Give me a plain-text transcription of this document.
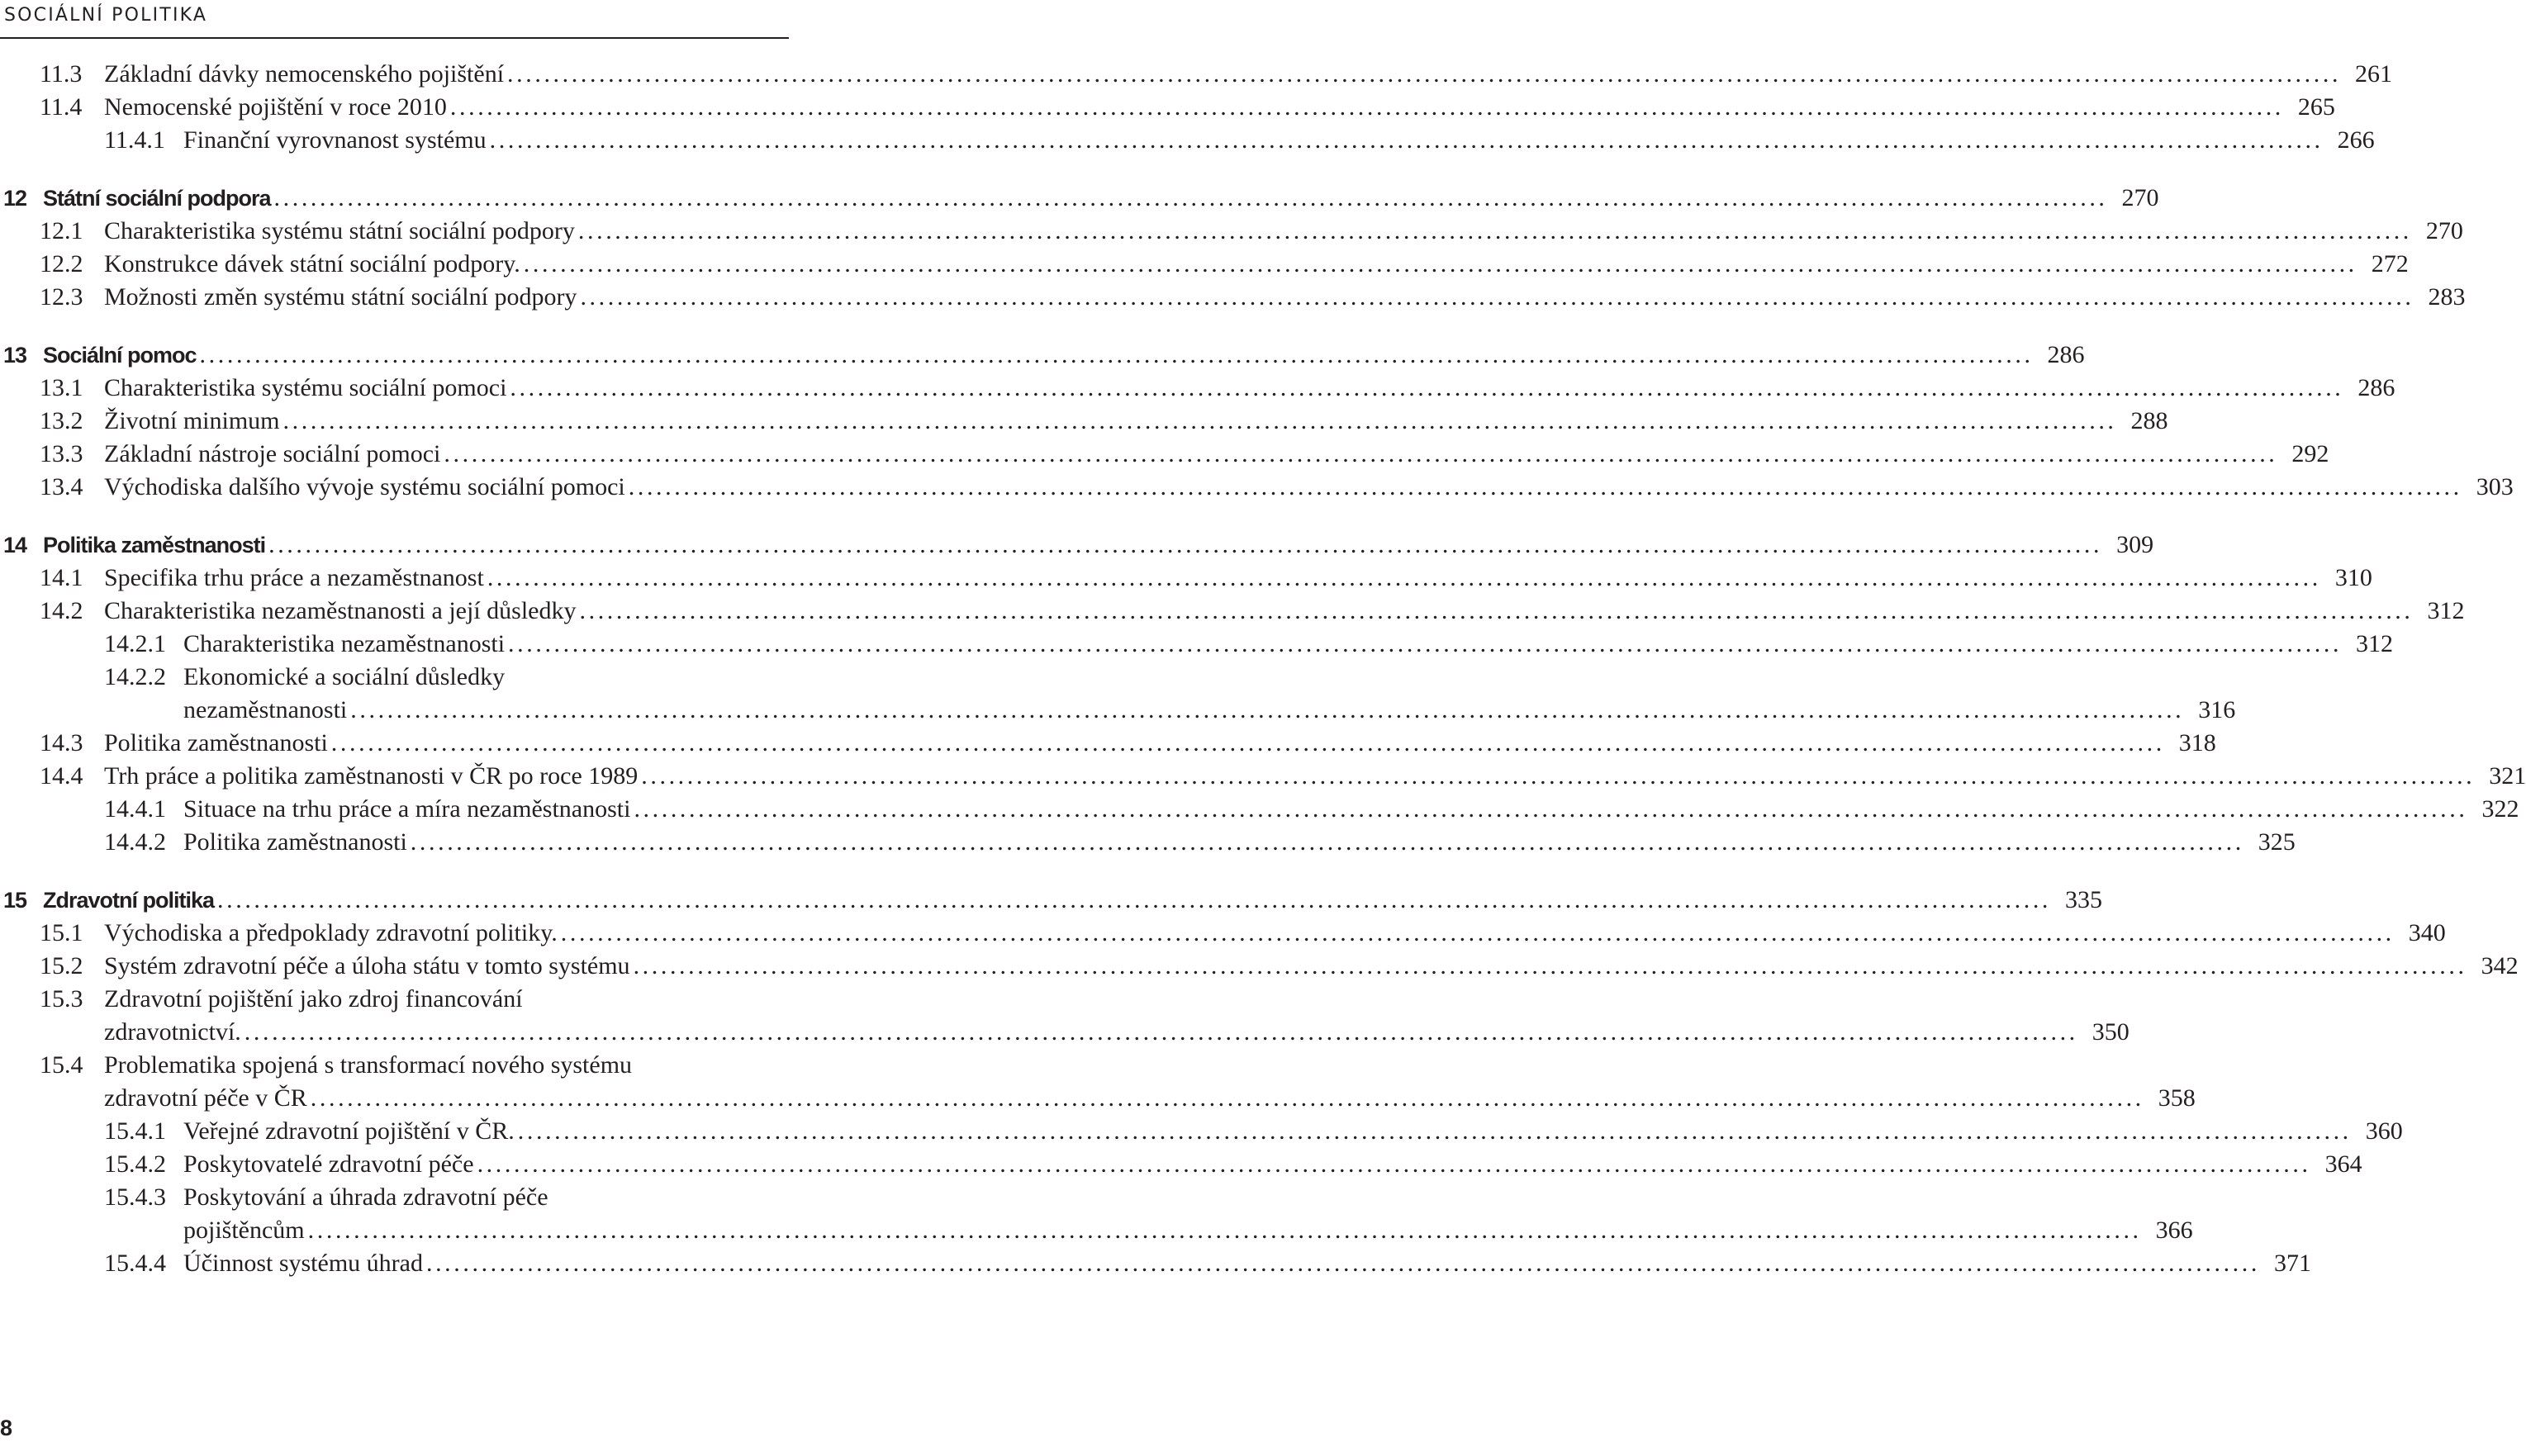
SOCIÁLNÍ POLITIKA
11.3 Základní dávky nemocenského pojištění ........................................................................................................................................................................................................ 261
11.4 Nemocenské pojištění v roce 2010 ........................................................................................................................................................................................................ 265
11.4.1 Finanční vyrovnanost systému ........................................................................................................................................................................................................ 266
12 Státní sociální podpora ........................................................................................................................................................................................................ 270
12.1 Charakteristika systému státní sociální podpory ........................................................................................................................................................................................................ 270
12.2 Konstrukce dávek státní sociální podpory. ........................................................................................................................................................................................................ 272
12.3 Možnosti změn systému státní sociální podpory ........................................................................................................................................................................................................ 283
13 Sociální pomoc ........................................................................................................................................................................................................ 286
13.1 Charakteristika systému sociální pomoci ........................................................................................................................................................................................................ 286
13.2 Životní minimum ........................................................................................................................................................................................................ 288
13.3 Základní nástroje sociální pomoci ........................................................................................................................................................................................................ 292
13.4 Východiska dalšího vývoje systému sociální pomoci ........................................................................................................................................................................................................ 303
14 Politika zaměstnanosti ........................................................................................................................................................................................................ 309
14.1 Specifika trhu práce a nezaměstnanost ........................................................................................................................................................................................................ 310
14.2 Charakteristika nezaměstnanosti a její důsledky ........................................................................................................................................................................................................ 312
14.2.1 Charakteristika nezaměstnanosti ........................................................................................................................................................................................................ 312
14.2.2 Ekonomické a sociální důsledky
nezaměstnanosti ........................................................................................................................................................................................................ 316
14.3 Politika zaměstnanosti ........................................................................................................................................................................................................ 318
14.4 Trh práce a politika zaměstnanosti v ČR po roce 1989 ........................................................................................................................................................................................................ 321
14.4.1 Situace na trhu práce a míra nezaměstnanosti ........................................................................................................................................................................................................ 322
14.4.2 Politika zaměstnanosti ........................................................................................................................................................................................................ 325
15 Zdravotní politika ........................................................................................................................................................................................................ 335
15.1 Východiska a předpoklady zdravotní politiky. ........................................................................................................................................................................................................ 340
15.2 Systém zdravotní péče a úloha státu v tomto systému ........................................................................................................................................................................................................ 342
15.3 Zdravotní pojištění jako zdroj financování
zdravotnictví. ........................................................................................................................................................................................................ 350
15.4 Problematika spojená s transformací nového systému
zdravotní péče v ČR ........................................................................................................................................................................................................ 358
15.4.1 Veřejné zdravotní pojištění v ČR. ........................................................................................................................................................................................................ 360
15.4.2 Poskytovatelé zdravotní péče ........................................................................................................................................................................................................ 364
15.4.3 Poskytování a úhrada zdravotní péče
pojištěncům ........................................................................................................................................................................................................ 366
15.4.4 Účinnost systému úhrad ........................................................................................................................................................................................................ 371
8
